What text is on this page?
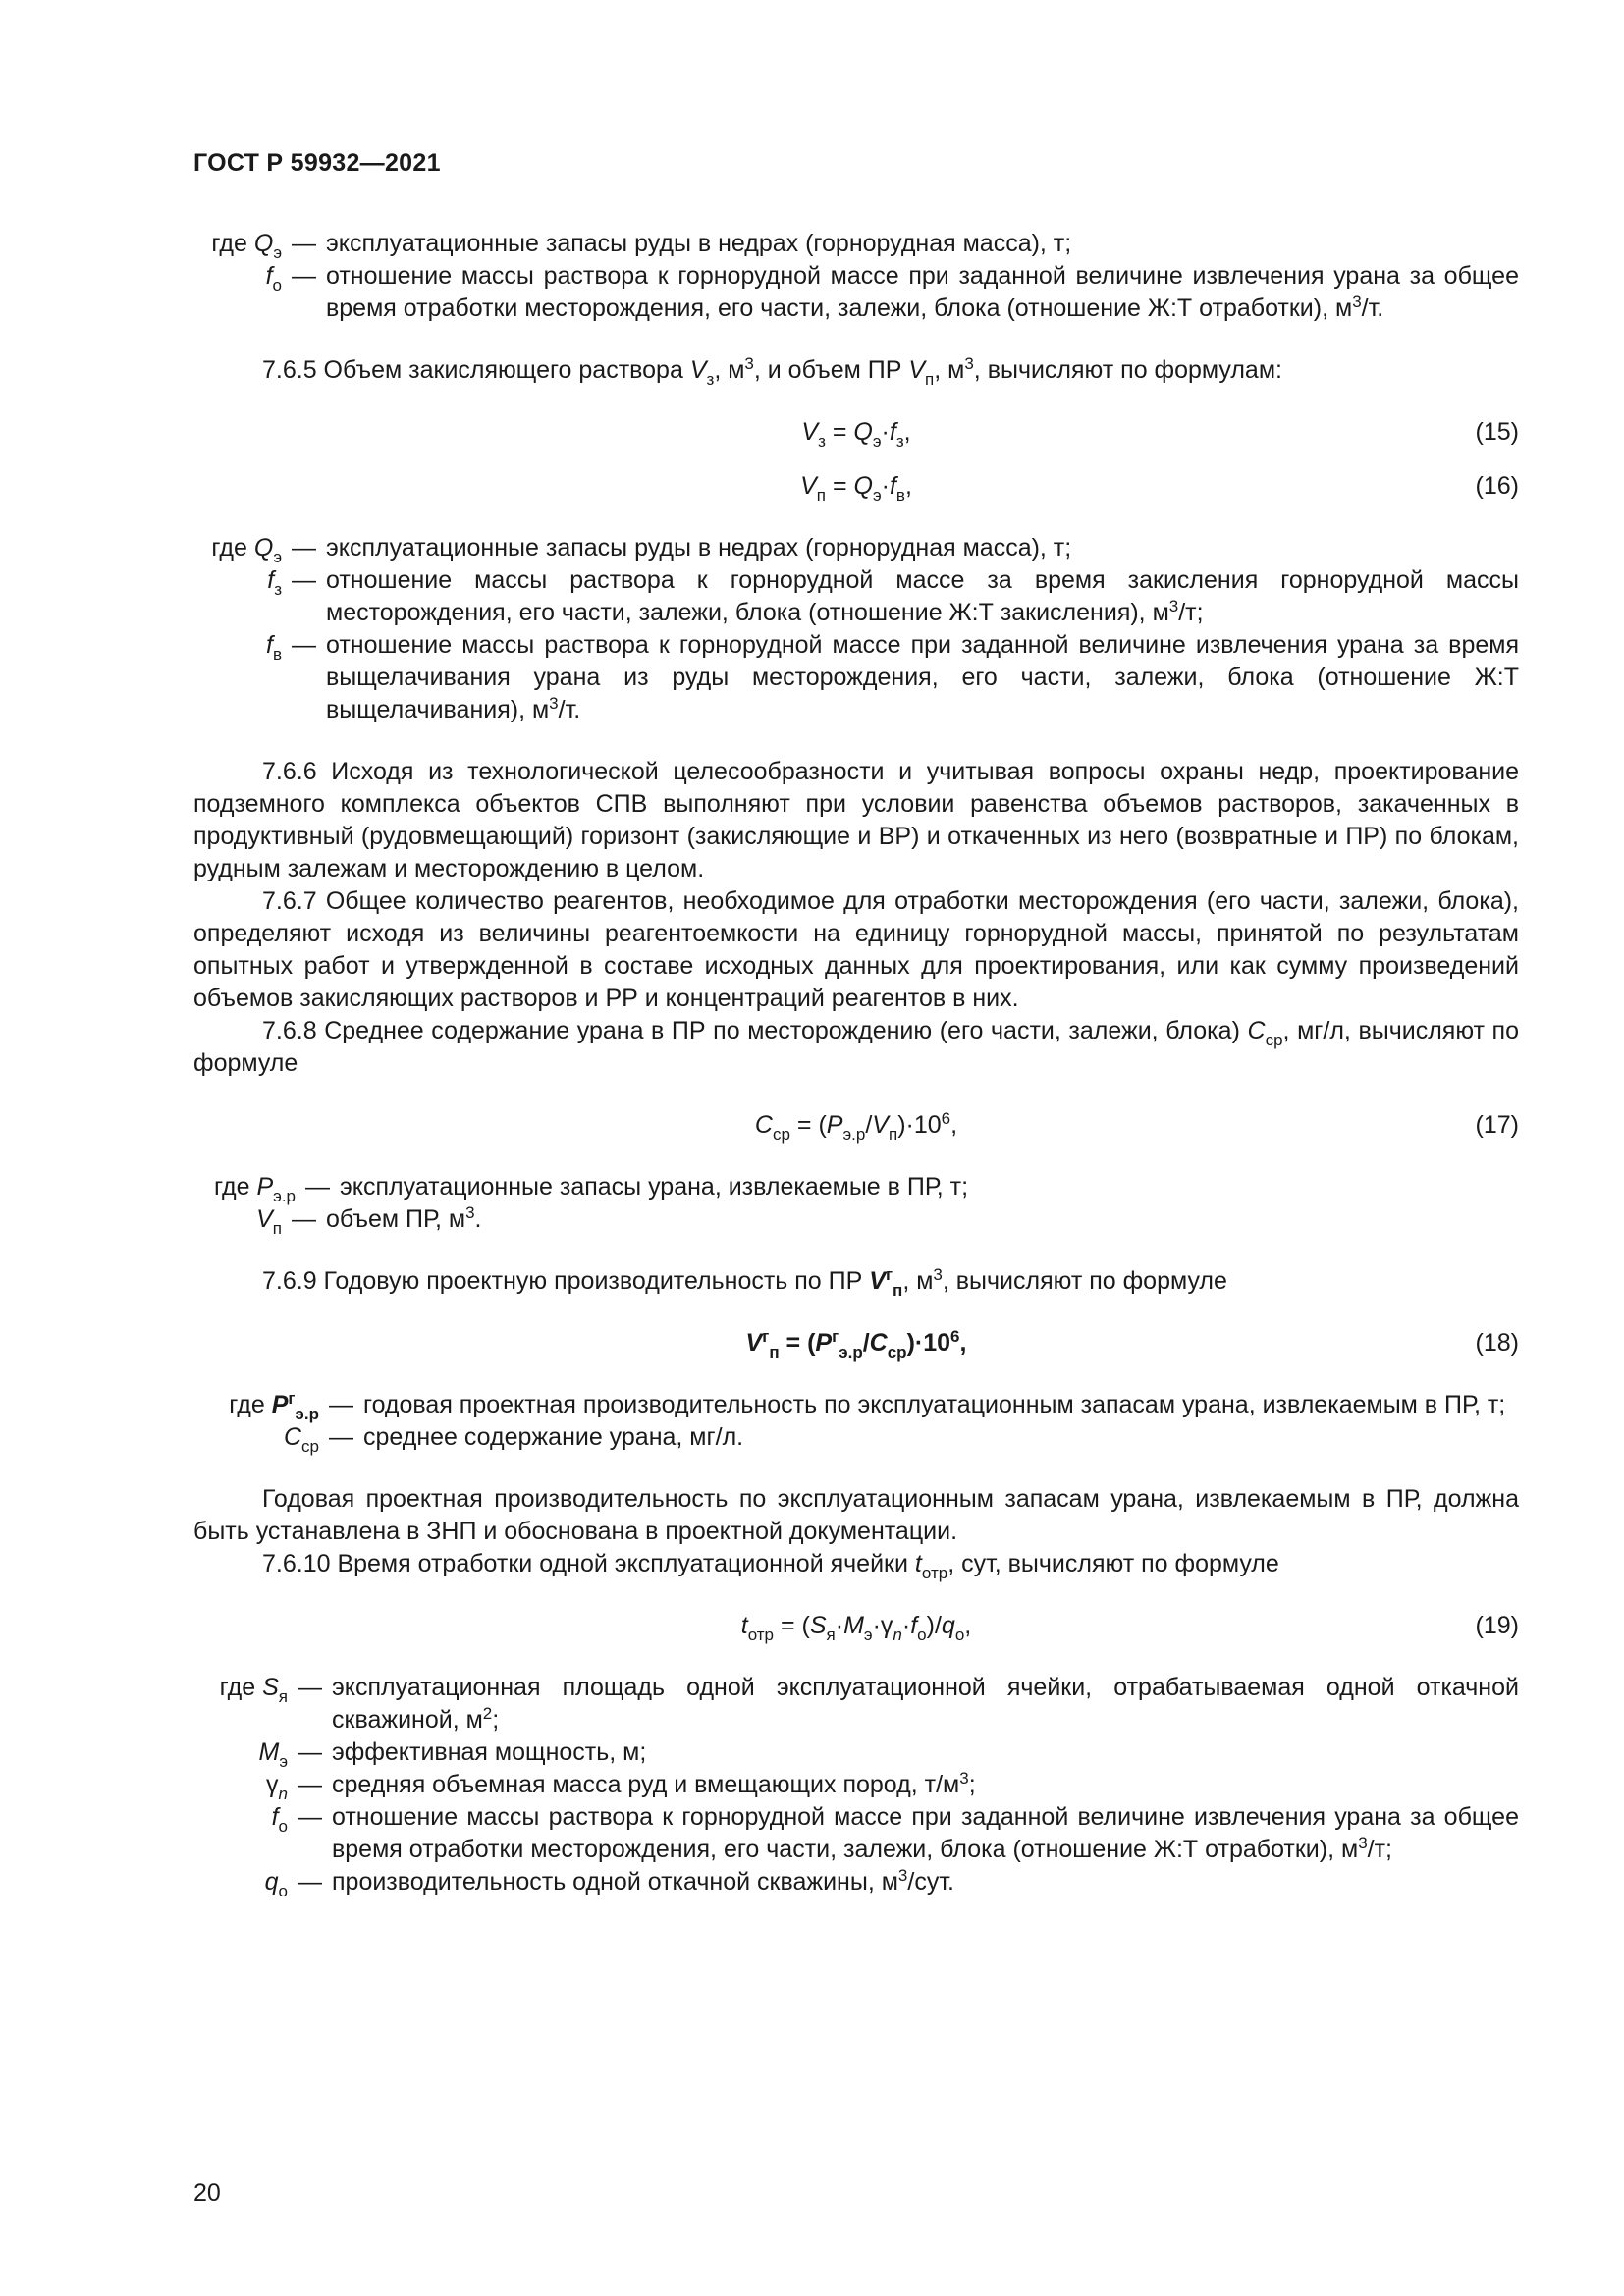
ГОСТ Р 59932—2021
где $Q_э$ — эксплуатационные запасы руды в недрах (горнорудная масса), т;
$f_о$ — отношение массы раствора к горнорудной массе при заданной величине извлечения урана за общее время отработки месторождения, его части, залежи, блока (отношение Ж:Т отработки), $м^3/т$.

7.6.5 Объем закисляющего раствора $V_з$, $м^3$, и объем ПР $V_п$, $м^3$, вычисляют по формулам:

$V_з = Q_э\cdot f_з$,	(15)
$V_п = Q_э\cdot f_в$,	(16)
где $Q_э$ — эксплуатационные запасы руды в недрах (горнорудная масса), т;
$f_з$ — отношение массы раствора к горнорудной массе за время закисления горнорудной массы месторождения, его части, залежи, блока (отношение Ж:Т закисления), $м^3/т$;
$f_в$ — отношение массы раствора к горнорудной массе при заданной величине извлечения урана за время выщелачивания урана из руды месторождения, его части, залежи, блока (отношение Ж:Т выщелачивания), $м^3/т$.

7.6.6 Исходя из технологической целесообразности и учитывая вопросы охраны недр, проектирование подземного комплекса объектов СПВ выполняют при условии равенства объемов растворов, закаченных в продуктивный (рудовмещающий) горизонт (закисляющие и ВР) и откаченных из него (возвратные и ПР) по блокам, рудным залежам и месторождению в целом.

7.6.7 Общее количество реагентов, необходимое для отработки месторождения (его части, залежи, блока), определяют исходя из величины реагентоемкости на единицу горнорудной массы, принятой по результатам опытных работ и утвержденной в составе исходных данных для проектирования, или как сумму произведений объемов закисляющих растворов и РР и концентраций реагентов в них.

7.6.8 Среднее содержание урана в ПР по месторождению (его части, залежи, блока) $C_{ср}$, мг/л, вычисляют по формуле

$C_{ср} = (P_{э.р}/V_п)\cdot 10^6$,	(17)
где $P_{э.р}$ — эксплуатационные запасы урана, извлекаемые в ПР, т;
$V_п$ — объем ПР, $м^3$.

7.6.9 Годовую проектную производительность по ПР $V^г_п$, $м^3$, вычисляют по формуле

$V^г_п = (P^г_{э.р}/C_{ср})\cdot 10^6$,	(18)
где $P^г_{э.р}$ — годовая проектная производительность по эксплуатационным запасам урана, извлекаемым в ПР, т;
$C_{ср}$ — среднее содержание урана, мг/л.

Годовая проектная производительность по эксплуатационным запасам урана, извлекаемым в ПР, должна быть устанавлена в ЗНП и обоснована в проектной документации.

7.6.10 Время отработки одной эксплуатационной ячейки $t_{отр}$, сут, вычисляют по формуле

$t_{отр} = (S_я\cdot M_э\cdot\gamma_n\cdot f_о)/q_о$,	(19)
где $S_я$ — эксплуатационная площадь одной эксплуатационной ячейки, отрабатываемая одной откачной скважиной, $м^2$;
$M_э$ — эффективная мощность, м;
$\gamma_n$ — средняя объемная масса руд и вмещающих пород, $т/м^3$;
$f_о$ — отношение массы раствора к горнорудной массе при заданной величине извлечения урана за общее время отработки месторождения, его части, залежи, блока (отношение Ж:Т отработки), $м^3/т$;
$q_о$ — производительность одной откачной скважины, $м^3$/сут.
20
